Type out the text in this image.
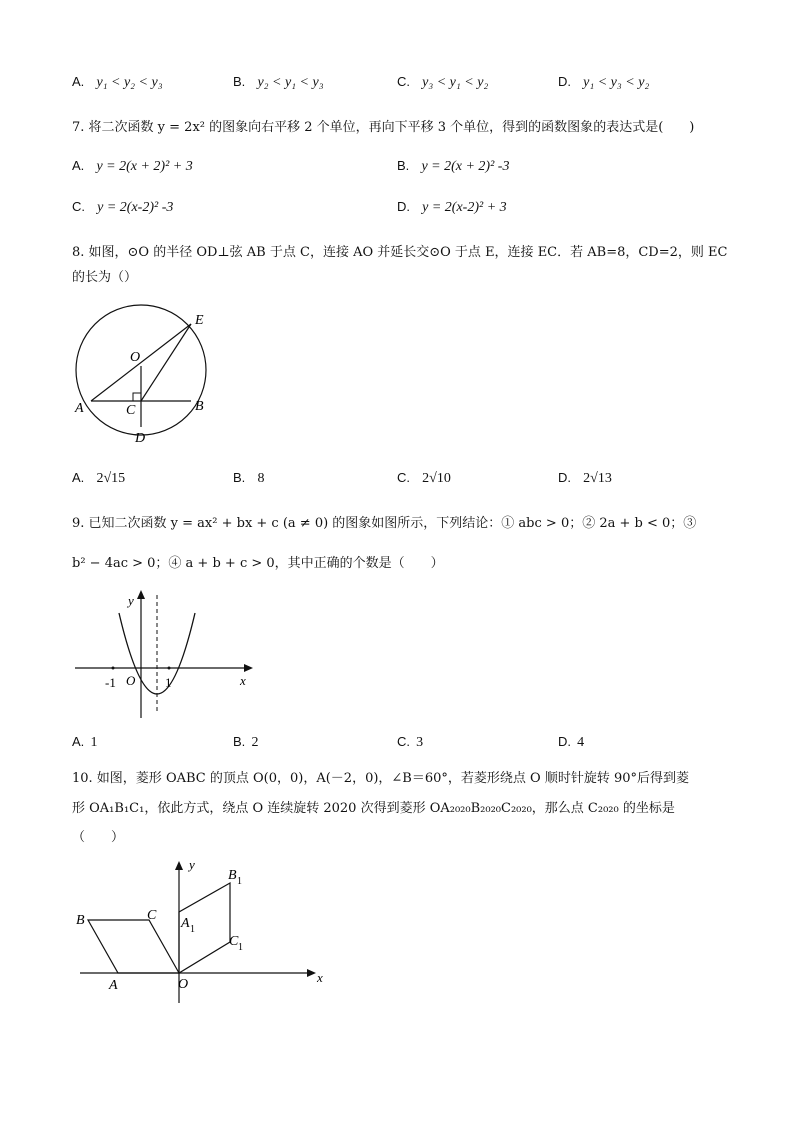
A. y₁ < y₂ < y₃	B. y₂ < y₁ < y₃	C. y₃ < y₁ < y₂	D. y₁ < y₃ < y₂
7. 将二次函数 y = 2x² 的图象向右平移 2 个单位，再向下平移 3 个单位，得到的函数图象的表达式是(　　)
A. y = 2(x + 2)² + 3	B. y = 2(x + 2)² -3
C. y = 2(x-2)² -3	D. y = 2(x-2)² + 3
8. 如图，⊙O 的半径 OD⊥弦 AB 于点 C，连接 AO 并延长交⊙O 于点 E，连接 EC．若 AB=8，CD=2，则 EC
的长为（）
E
O
A	C	B
D
A. 2√15	B. 8	C. 2√10	D. 2√13
9. 已知二次函数 y = ax² + bx + c (a ≠ 0) 的图象如图所示，下列结论：① abc > 0；② 2a + b < 0；③
b² − 4ac > 0；④ a + b + c > 0，其中正确的个数是（　　）
y
x
O
-1	1
A. 1	B. 2	C. 3	D. 4
10. 如图，菱形 OABC 的顶点 O(0，0)，A(－2，0)，∠B＝60°，若菱形绕点 O 顺时针旋转 90°后得到菱
形 OA₁B₁C₁，依此方式，绕点 O 连续旋转 2020 次得到菱形 OA₂₀₂₀B₂₀₂₀C₂₀₂₀，那么点 C₂₀₂₀ 的坐标是
（　　）
B	C
A	O
y
x
B 1
A 1
C 1
